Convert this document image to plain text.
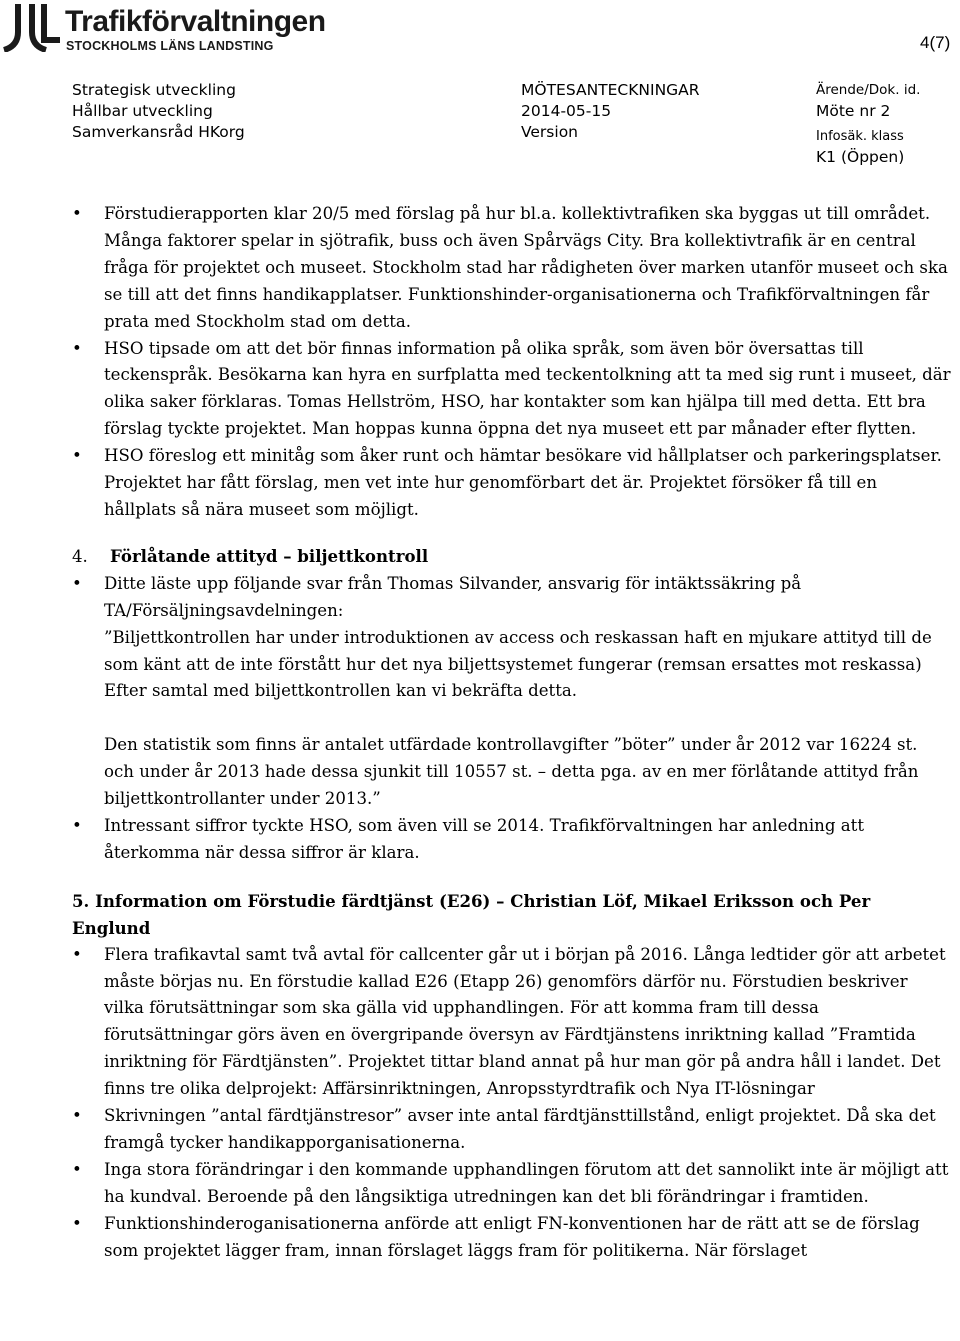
Trafikförvaltningen
STOCKHOLMS LÄNS LANDSTING	4(7)
Strategisk utveckling
Hållbar utveckling
Samverkansråd HKorg
MÖTESANTECKNINGAR
2014-05-15
Version
Ärende/Dok. id.
Möte nr 2
Infosäk. klass
K1 (Öppen)
• Förstudierapporten klar 20/5 med förslag på hur bl.a. kollektivtrafiken ska byggas ut till området. Många faktorer spelar in sjötrafik, buss och även Spårvägs City. Bra kollektivtrafik är en central fråga för projektet och museet. Stockholm stad har rådigheten över marken utanför museet och ska se till att det finns handikapplatser. Funktionshinder-organisationerna och Trafikförvaltningen får prata med Stockholm stad om detta.
• HSO tipsade om att det bör finnas information på olika språk, som även bör översattas till teckenspråk. Besökarna kan hyra en surfplatta med teckentolkning att ta med sig runt i museet, där olika saker förklaras. Tomas Hellström, HSO, har kontakter som kan hjälpa till med detta. Ett bra förslag tyckte projektet. Man hoppas kunna öppna det nya museet ett par månader efter flytten.
• HSO föreslog ett minitåg som åker runt och hämtar besökare vid hållplatser och parkeringsplatser. Projektet har fått förslag, men vet inte hur genomförbart det är. Projektet försöker få till en hållplats så nära museet som möjligt.
4. Förlåtande attityd – biljettkontroll
• Ditte läste upp följande svar från Thomas Silvander, ansvarig för intäktssäkring på TA/Försäljningsavdelningen:
”Biljettkontrollen har under introduktionen av access och reskassan haft en mjukare attityd till de som känt att de inte förstått hur det nya biljettsystemet fungerar (remsan ersattes mot reskassa) Efter samtal med biljettkontrollen kan vi bekräfta detta.
Den statistik som finns är antalet utfärdade kontrollavgifter ”böter” under år 2012 var 16224 st. och under år 2013 hade dessa sjunkit till 10557 st. – detta pga. av en mer förlåtande attityd från biljettkontrollanter under 2013.”
• Intressant siffror tyckte HSO, som även vill se 2014. Trafikförvaltningen har anledning att återkomma när dessa siffror är klara.
5. Information om Förstudie färdtjänst (E26) – Christian Löf, Mikael Eriksson och Per Englund
• Flera trafikavtal samt två avtal för callcenter går ut i början på 2016. Långa ledtider gör att arbetet måste börjas nu. En förstudie kallad E26 (Etapp 26) genomförs därför nu. Förstudien beskriver vilka förutsättningar som ska gälla vid upphandlingen. För att komma fram till dessa förutsättningar görs även en övergripande översyn av Färdtjänstens inriktning kallad ”Framtida inriktning för Färdtjänsten”. Projektet tittar bland annat på hur man gör på andra håll i landet. Det finns tre olika delprojekt: Affärsinriktningen, Anropsstyrdtrafik och Nya IT-lösningar
• Skrivningen ”antal färdtjänstresor” avser inte antal färdtjänsttillstånd, enligt projektet. Då ska det framgå tycker handikapporganisationerna.
• Inga stora förändringar i den kommande upphandlingen förutom att det sannolikt inte är möjligt att ha kundval. Beroende på den långsiktiga utredningen kan det bli förändringar i framtiden.
• Funktionshinderoganisationerna anförde att enligt FN-konventionen har de rätt att se de förslag som projektet lägger fram, innan förslaget läggs fram för politikerna. När förslaget
